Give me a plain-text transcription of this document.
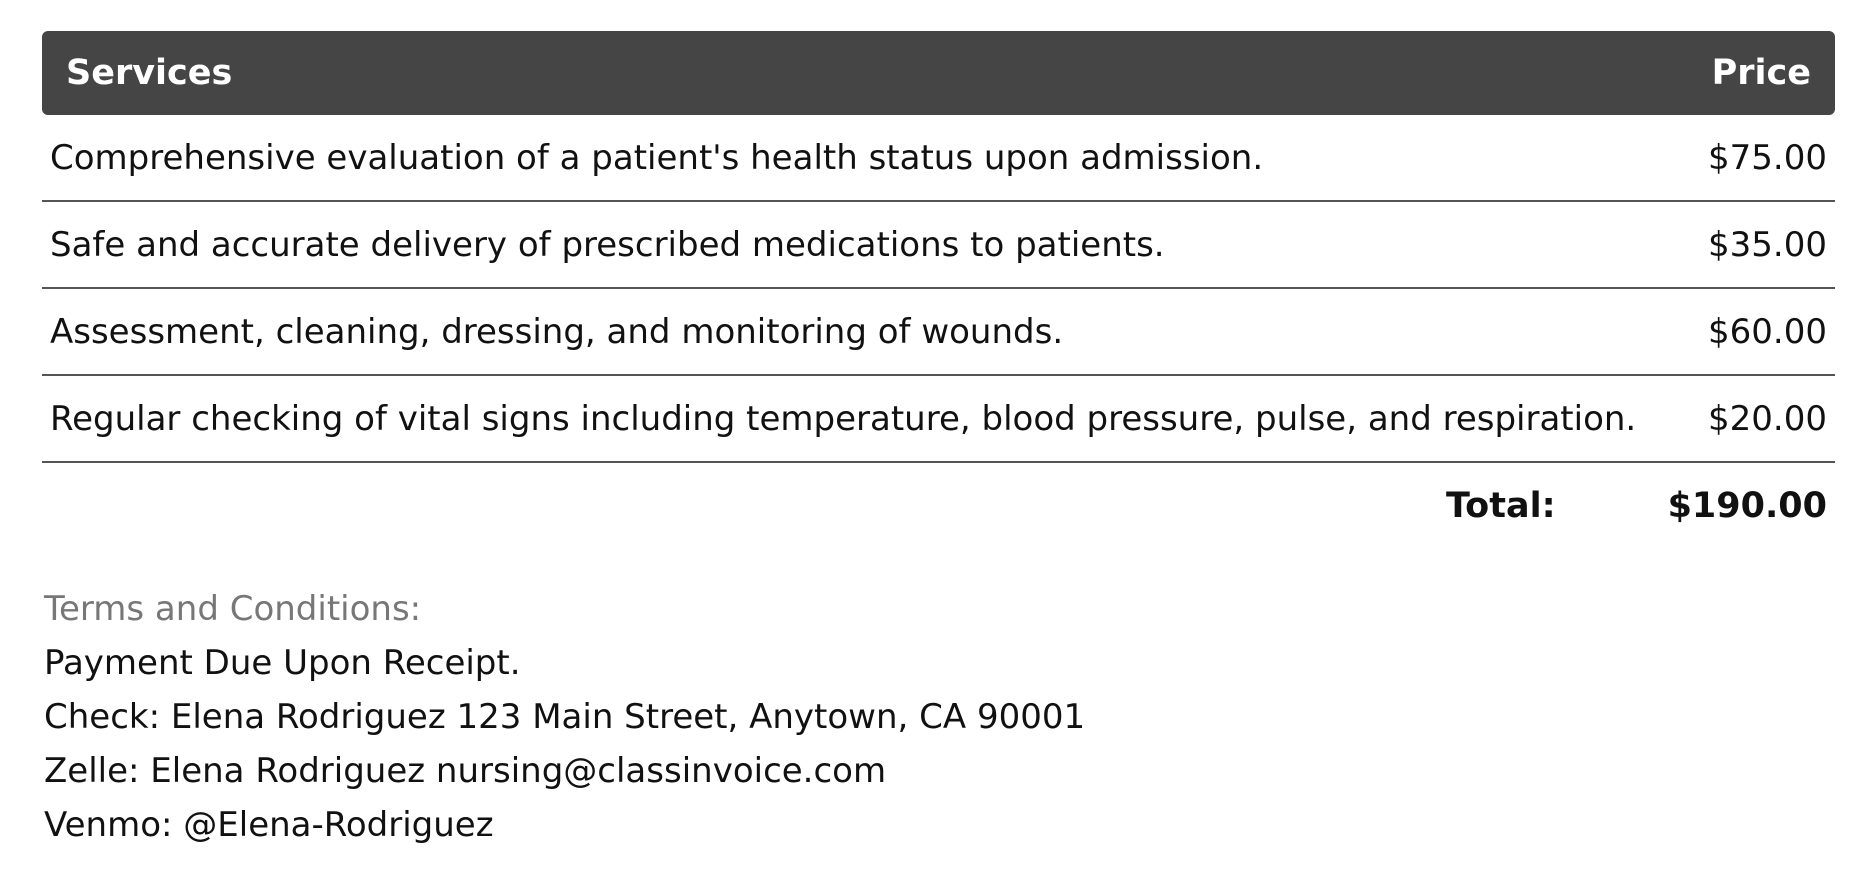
Services	Price
Comprehensive evaluation of a patient's health status upon admission.	$75.00
Safe and accurate delivery of prescribed medications to patients.	$35.00
Assessment, cleaning, dressing, and monitoring of wounds.	$60.00
Regular checking of vital signs including temperature, blood pressure, pulse, and respiration. $20.00
Total:	$190.00
Terms and Conditions:
Payment Due Upon Receipt.
Check: Elena Rodriguez 123 Main Street, Anytown, CA 90001
Zelle: Elena Rodriguez nursing@classinvoice.com
Venmo: @Elena-Rodriguez
